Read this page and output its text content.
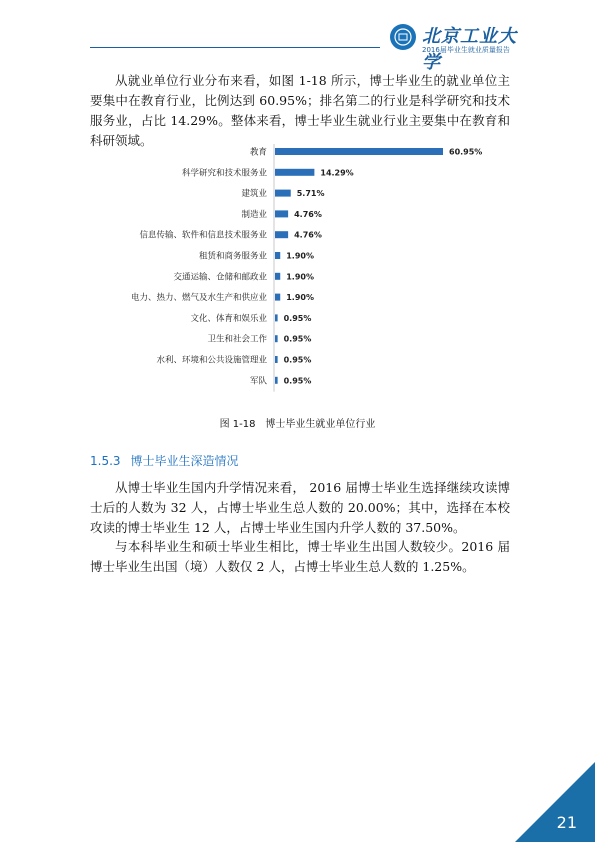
北京工业大学
2016届毕业生就业质量报告

从就业单位行业分布来看，如图 1-18 所示，博士毕业生的就业单位主要集中在教育行业，比例达到 60.95%；排名第二的行业是科学研究和技术服务业，占比 14.29%。整体来看，博士毕业生就业行业主要集中在教育和科研领域。

教育	60.95%
科学研究和技术服务业	14.29%
建筑业	5.71%
制造业	4.76%
信息传输、软件和信息技术服务业	4.76%
租赁和商务服务业 1.90%
交通运输、仓储和邮政业 1.90%
电力、热力、燃气及水生产和供应业 1.90%
文化、体育和娱乐业 0.95%
卫生和社会工作 0.95%
水利、环境和公共设施管理业 0.95%
军队 0.95%
图 1-18　博士毕业生就业单位行业
1.5.3 博士毕业生深造情况

从博士毕业生国内升学情况来看， 2016 届博士毕业生选择继续攻读博士后的人数为 32 人，占博士毕业生总人数的 20.00%；其中，选择在本校攻读的博士毕业生 12 人，占博士毕业生国内升学人数的 37.50%。

与本科毕业生和硕士毕业生相比，博士毕业生出国人数较少。2016 届博士毕业生出国（境）人数仅 2 人，占博士毕业生总人数的 1.25%。

21
